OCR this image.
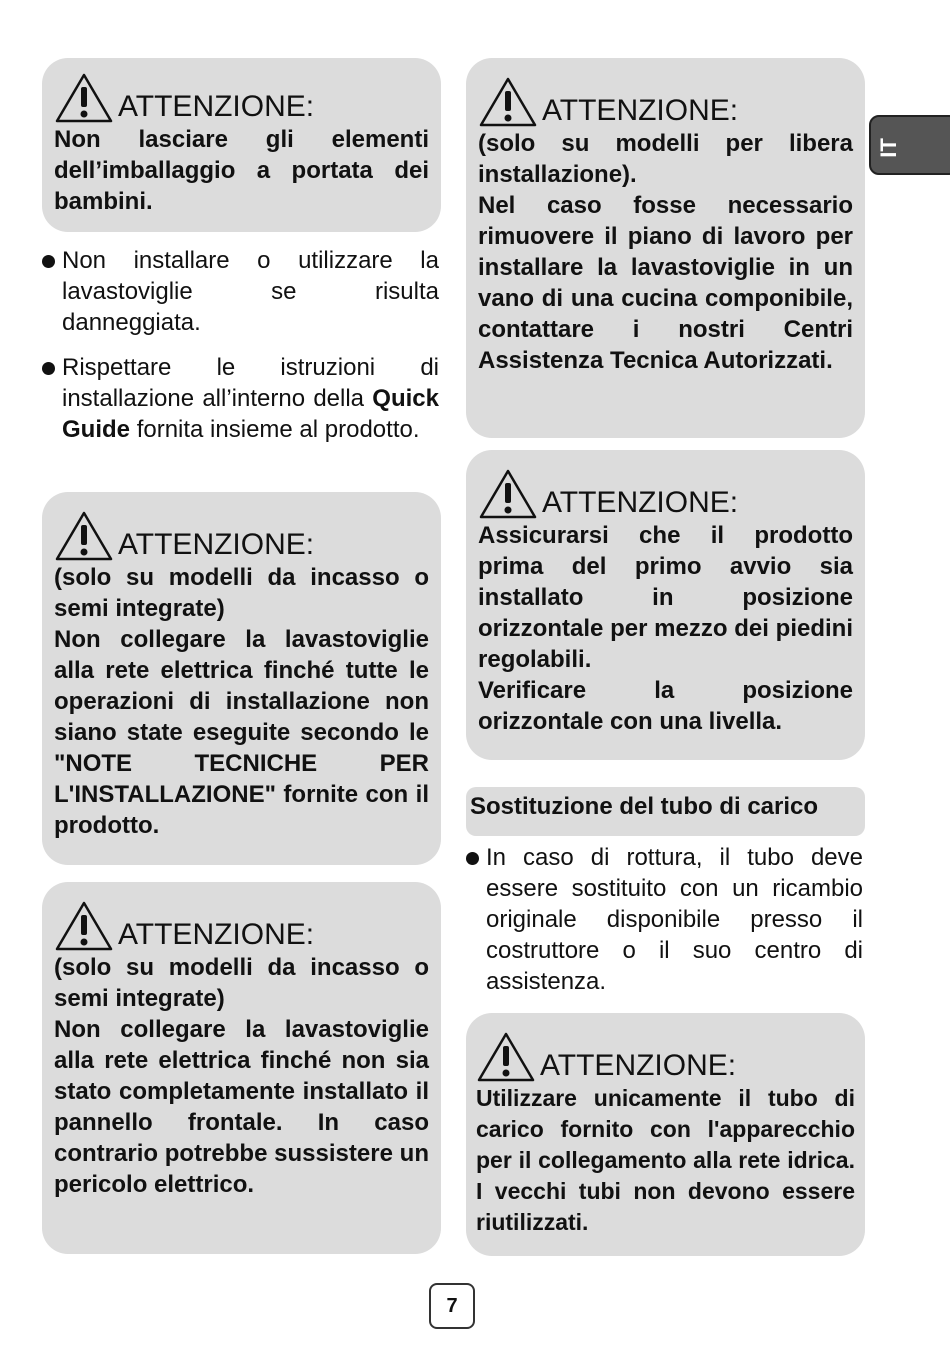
ATTENZIONE:

Non lasciare gli elementi dell’imballaggio a portata dei bambini.

Non installare o utilizzare la lavastoviglie se risulta danneggiata.
Rispettare le istruzioni di installazione all’interno della Quick Guide fornita insieme al prodotto.
ATTENZIONE:

(solo su modelli da incasso o semi integrate)

Non collegare la lavastoviglie alla rete elettrica finché tutte le operazioni di installazione non siano state eseguite secondo le "NOTE TECNICHE PER L'INSTALLAZIONE" fornite con il prodotto.

ATTENZIONE:

(solo su modelli da incasso o semi integrate)

Non collegare la lavastoviglie alla rete elettrica finché non sia stato completamente installato il pannello frontale. In caso contrario potrebbe sussistere un pericolo elettrico.

ATTENZIONE:

(solo su modelli per libera installazione).

Nel caso fosse necessario rimuovere il piano di lavoro per installare la lavastoviglie in un vano di una cucina componibile, contattare i nostri Centri Assistenza Tecnica Autorizzati.

ATTENZIONE:

Assicurarsi che il prodotto prima del primo avvio sia installato in posizione orizzontale per mezzo dei piedini regolabili.

Verificare la posizione orizzontale con una livella.

Sostituzione del tubo di carico
In caso di rottura, il tubo deve essere sostituito con un ricambio originale disponibile presso il costruttore o il suo centro di assistenza.
ATTENZIONE:

Utilizzare unicamente il tubo di carico fornito con l'apparecchio per il collegamento alla rete idrica. I vecchi tubi non devono essere riutilizzati.

IT
7
